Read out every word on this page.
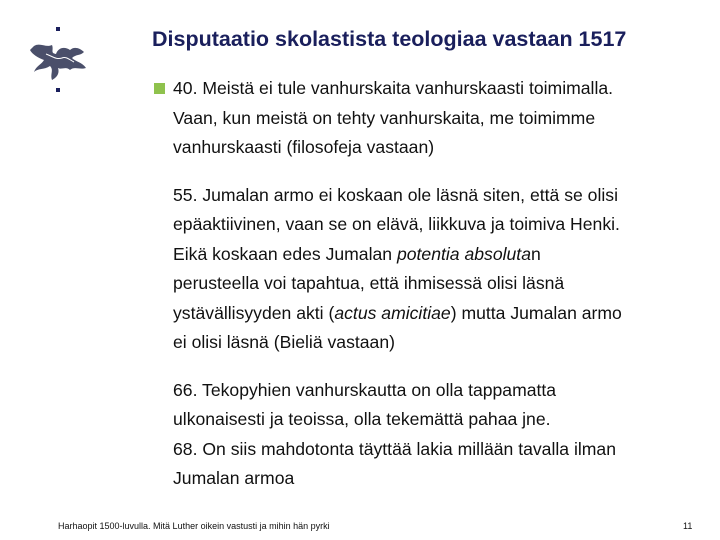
Disputaatio skolastista teologiaa vastaan 1517

40. Meistä ei tule vanhurskaita vanhurskaasti toimimalla.
Vaan, kun meistä on tehty vanhurskaita, me toimimme
vanhurskaasti (filosofeja vastaan)

55. Jumalan armo ei koskaan ole läsnä siten, että se olisi
epäaktiivinen, vaan se on elävä, liikkuva ja toimiva Henki.
Eikä koskaan edes Jumalan potentia absolutan
perusteella voi tapahtua, että ihmisessä olisi läsnä
ystävällisyyden akti (actus amicitiae) mutta Jumalan armo
ei olisi läsnä (Bieliä vastaan)

66. Tekopyhien vanhurskautta on olla tappamatta
ulkonaisesti ja teoissa, olla tekemättä pahaa jne.
68. On siis mahdotonta täyttää lakia millään tavalla ilman
Jumalan armoa

Harhaopit 1500-luvulla. Mitä Luther oikein vastusti ja mihin hän pyrki	11
